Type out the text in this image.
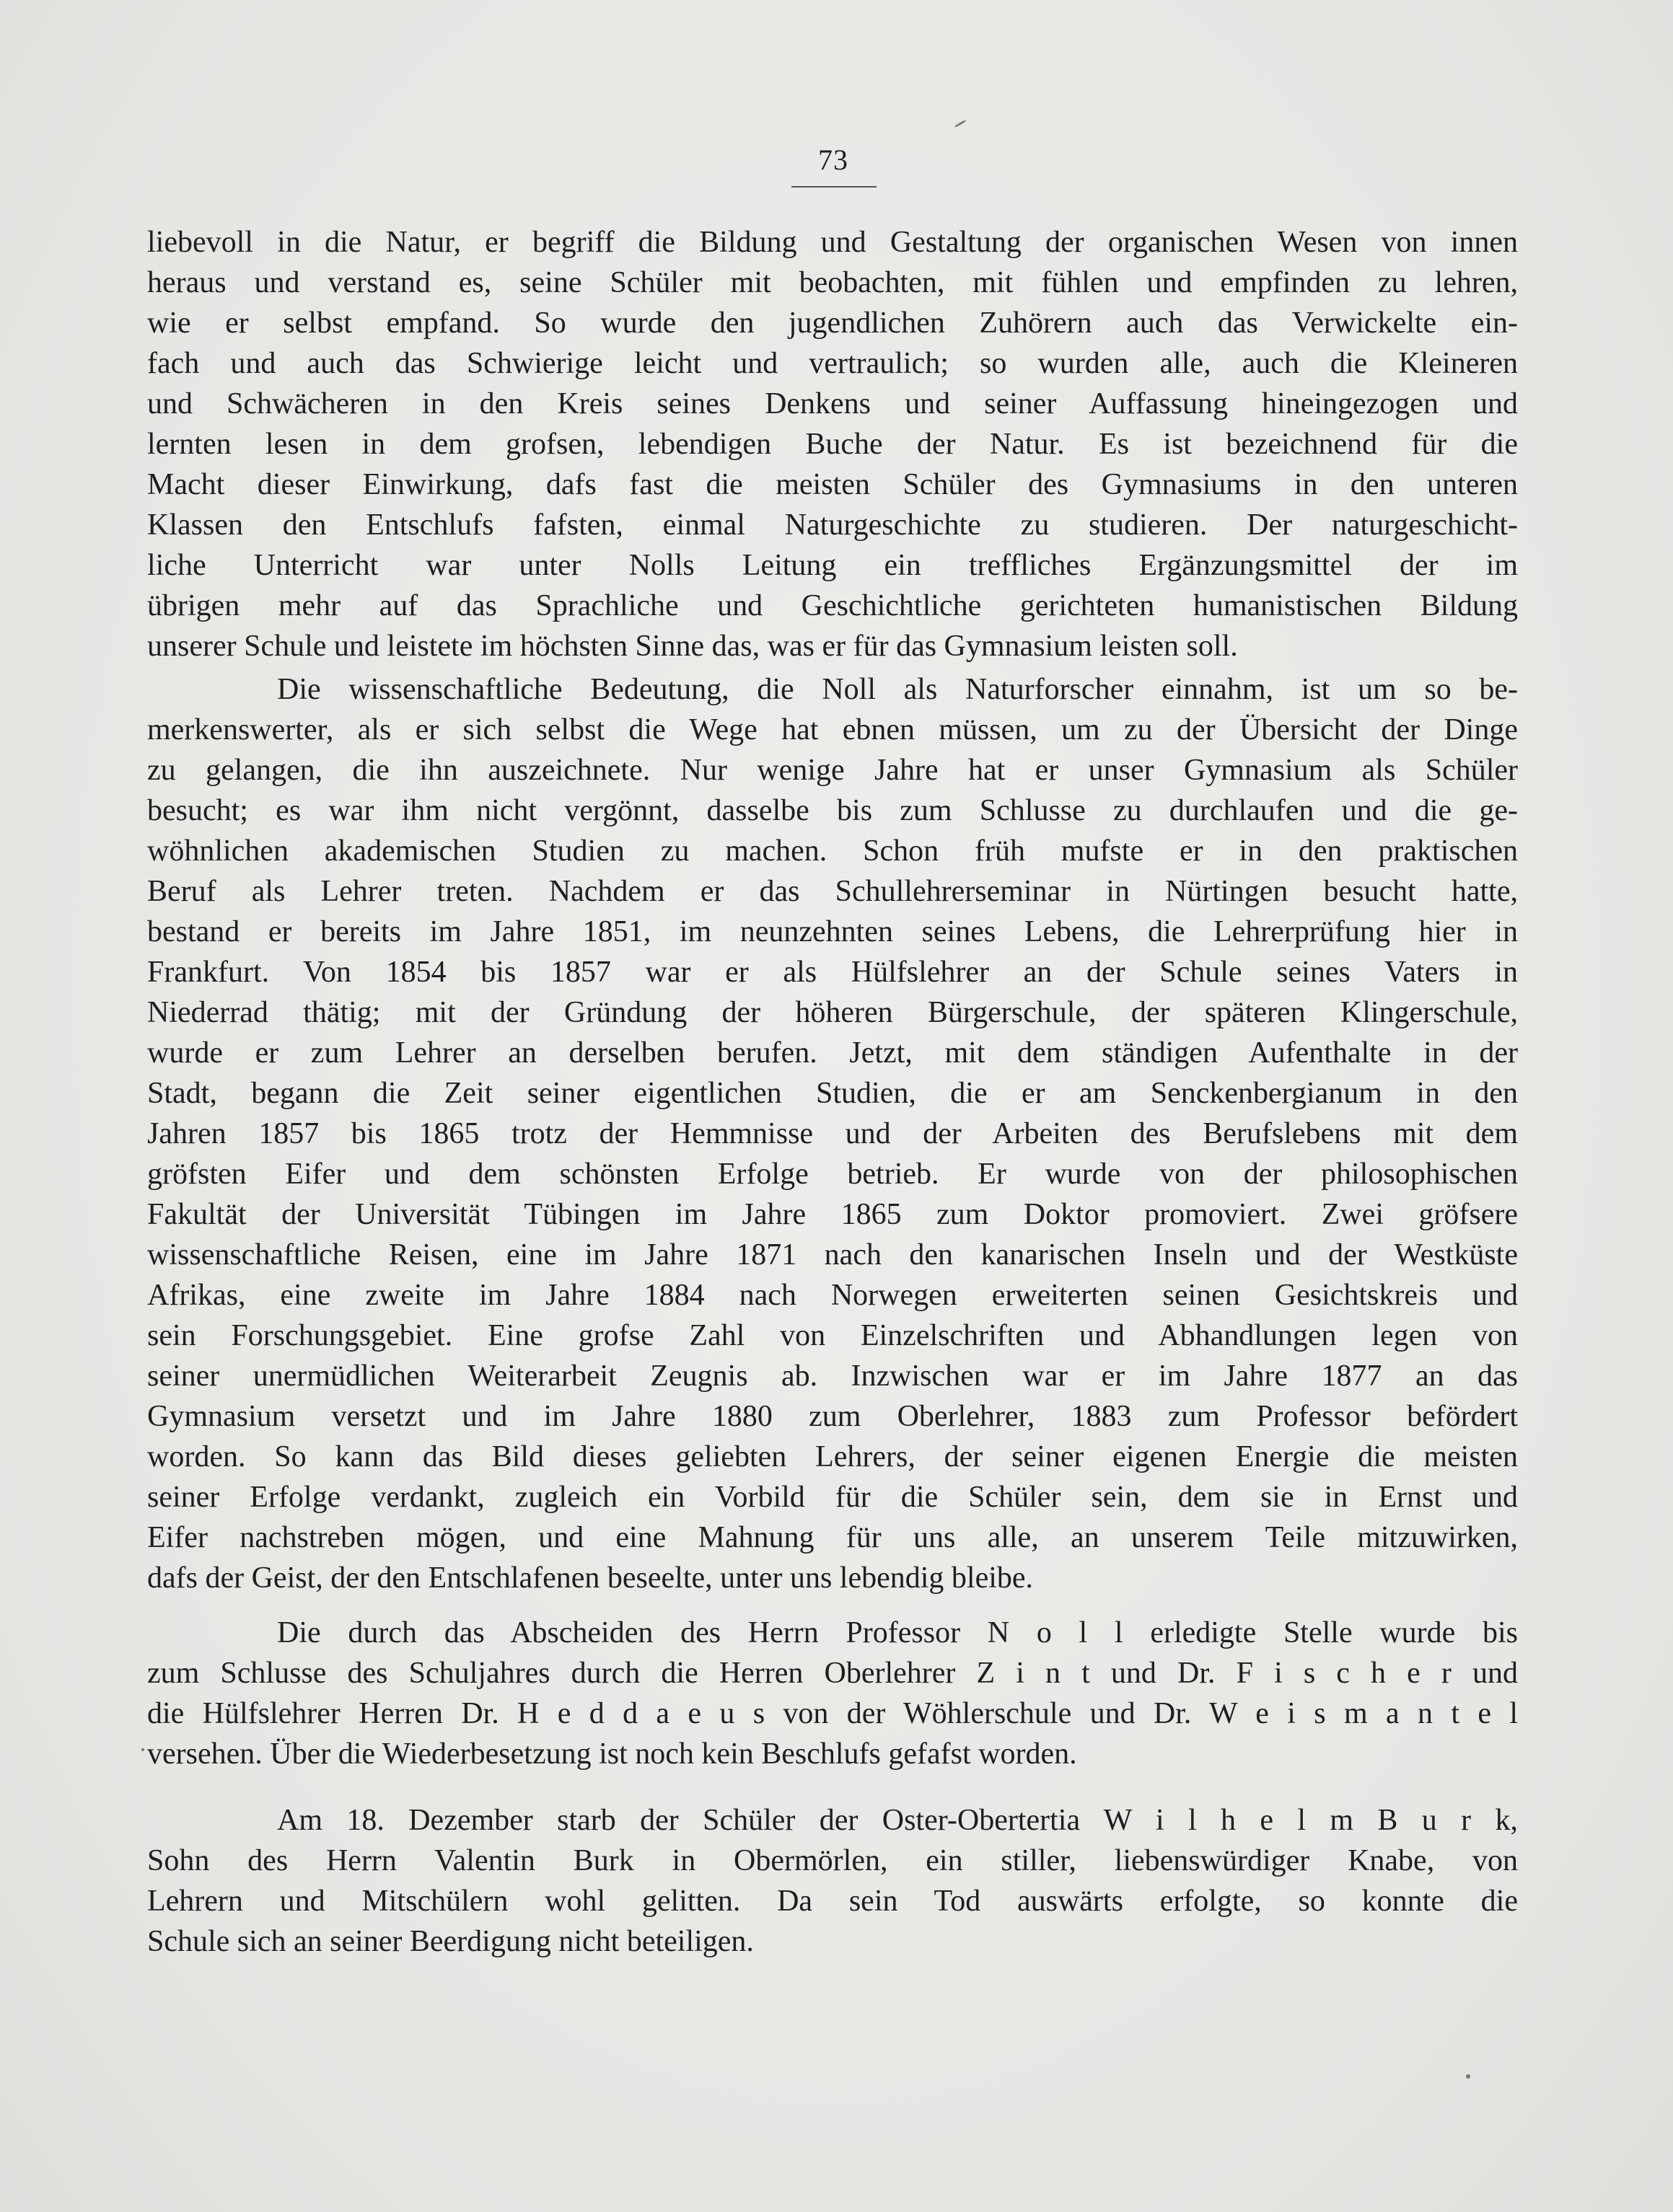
73
liebevoll in die Natur, er begriff die Bildung und Gestaltung der organischen Wesen von innen
heraus und verstand es, seine Schüler mit beobachten, mit fühlen und empfinden zu lehren,
wie er selbst empfand. So wurde den jugendlichen Zuhörern auch das Verwickelte ein-
fach und auch das Schwierige leicht und vertraulich; so wurden alle, auch die Kleineren
und Schwächeren in den Kreis seines Denkens und seiner Auffassung hineingezogen und
lernten lesen in dem grofsen, lebendigen Buche der Natur. Es ist bezeichnend für die
Macht dieser Einwirkung, dafs fast die meisten Schüler des Gymnasiums in den unteren
Klassen den Entschlufs fafsten, einmal Naturgeschichte zu studieren. Der naturgeschicht-
liche Unterricht war unter Nolls Leitung ein treffliches Ergänzungsmittel der im
übrigen mehr auf das Sprachliche und Geschichtliche gerichteten humanistischen Bildung
unserer Schule und leistete im höchsten Sinne das, was er für das Gymnasium leisten soll.
Die wissenschaftliche Bedeutung, die Noll als Naturforscher einnahm, ist um so be-
merkenswerter, als er sich selbst die Wege hat ebnen müssen, um zu der Übersicht der Dinge
zu gelangen, die ihn auszeichnete. Nur wenige Jahre hat er unser Gymnasium als Schüler
besucht; es war ihm nicht vergönnt, dasselbe bis zum Schlusse zu durchlaufen und die ge-
wöhnlichen akademischen Studien zu machen. Schon früh mufste er in den praktischen
Beruf als Lehrer treten. Nachdem er das Schullehrerseminar in Nürtingen besucht hatte,
bestand er bereits im Jahre 1851, im neunzehnten seines Lebens, die Lehrerprüfung hier in
Frankfurt. Von 1854 bis 1857 war er als Hülfslehrer an der Schule seines Vaters in
Niederrad thätig; mit der Gründung der höheren Bürgerschule, der späteren Klingerschule,
wurde er zum Lehrer an derselben berufen. Jetzt, mit dem ständigen Aufenthalte in der
Stadt, begann die Zeit seiner eigentlichen Studien, die er am Senckenbergianum in den
Jahren 1857 bis 1865 trotz der Hemmnisse und der Arbeiten des Berufslebens mit dem
gröfsten Eifer und dem schönsten Erfolge betrieb. Er wurde von der philosophischen
Fakultät der Universität Tübingen im Jahre 1865 zum Doktor promoviert. Zwei gröfsere
wissenschaftliche Reisen, eine im Jahre 1871 nach den kanarischen Inseln und der Westküste
Afrikas, eine zweite im Jahre 1884 nach Norwegen erweiterten seinen Gesichtskreis und
sein Forschungsgebiet. Eine grofse Zahl von Einzelschriften und Abhandlungen legen von
seiner unermüdlichen Weiterarbeit Zeugnis ab. Inzwischen war er im Jahre 1877 an das
Gymnasium versetzt und im Jahre 1880 zum Oberlehrer, 1883 zum Professor befördert
worden. So kann das Bild dieses geliebten Lehrers, der seiner eigenen Energie die meisten
seiner Erfolge verdankt, zugleich ein Vorbild für die Schüler sein, dem sie in Ernst und
Eifer nachstreben mögen, und eine Mahnung für uns alle, an unserem Teile mitzuwirken,
dafs der Geist, der den Entschlafenen beseelte, unter uns lebendig bleibe.
Die durch das Abscheiden des Herrn Professor N o l l erledigte Stelle wurde bis
zum Schlusse des Schuljahres durch die Herren Oberlehrer Z i n t und Dr. F i s c h e r und
die Hülfslehrer Herren Dr. H e d d a e u s von der Wöhlerschule und Dr. W e i s m a n t e l
versehen. Über die Wiederbesetzung ist noch kein Beschlufs gefafst worden.
Am 18. Dezember starb der Schüler der Oster-Obertertia W i l h e l m B u r k,
Sohn des Herrn Valentin Burk in Obermörlen, ein stiller, liebenswürdiger Knabe, von
Lehrern und Mitschülern wohl gelitten. Da sein Tod auswärts erfolgte, so konnte die
Schule sich an seiner Beerdigung nicht beteiligen.
